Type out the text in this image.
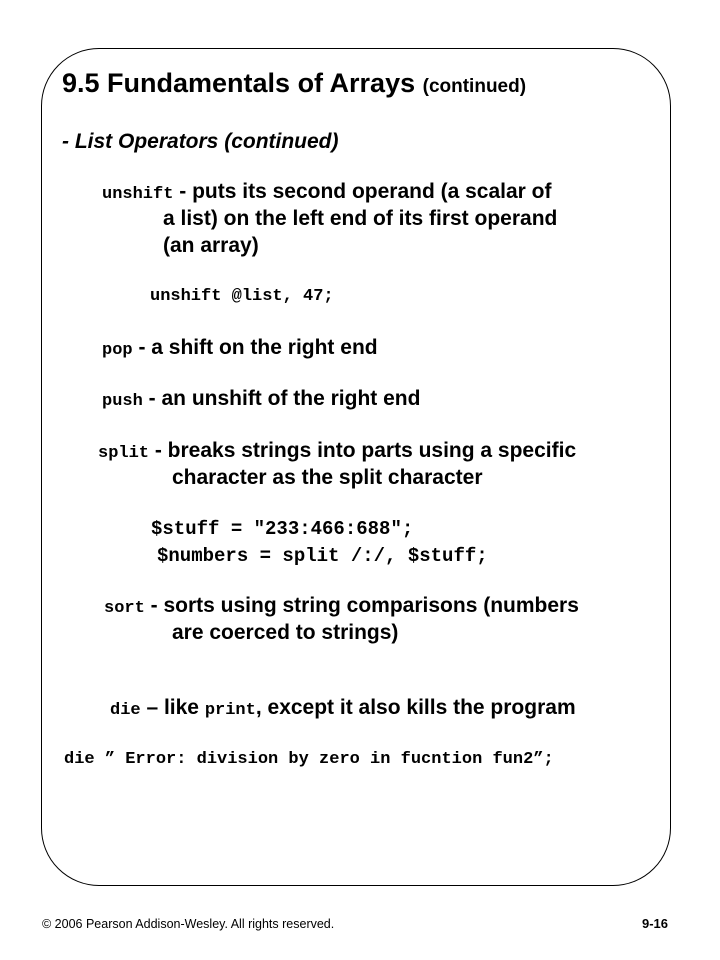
9.5 Fundamentals of Arrays (continued)
- List Operators (continued)
unshift - puts its second operand (a scalar of
a list) on the left end of its first operand
(an array)
unshift @list, 47;
pop - a shift on the right end
push - an unshift of the right end
split - breaks strings into parts using a specific
character as the split character
$stuff = "233:466:688";
$numbers = split /:/, $stuff;
sort - sorts using string comparisons (numbers
are coerced to strings)
die – like print, except it also kills the program
die ” Error: division by zero in fucntion fun2”;
© 2006 Pearson Addison-Wesley. All rights reserved.	9-16
